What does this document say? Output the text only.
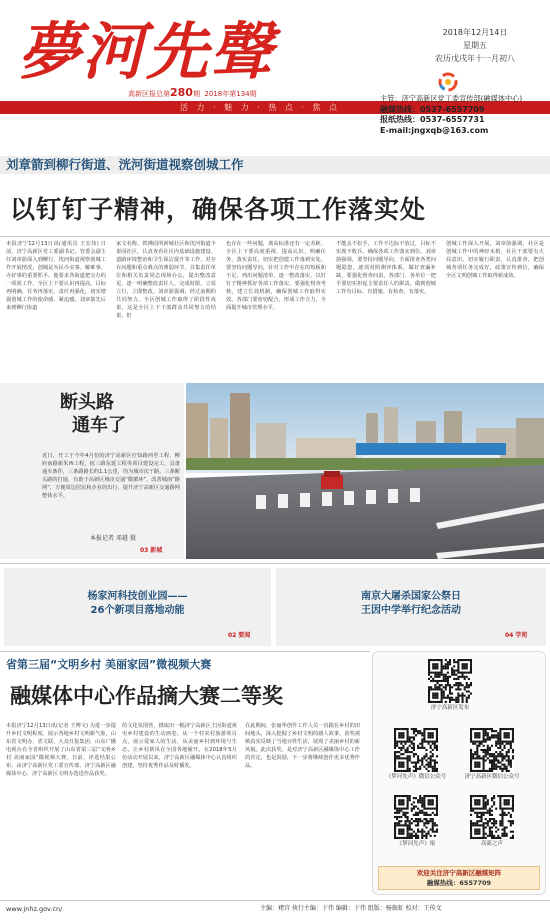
夢河先聲
高新区报总第280期 2018年第134期
活 力 · 魅 力 · 热 点 · 焦 点
2018年12月14日
星期五
农历戊戌年十一月初八
主管：济宁高新区党工委宣传部(融媒体中心)
融媒热线：0537-6557709
报纸热线：0537-6557731
E-mail:jngxqb@163.com
刘章箭到柳行街道、洸河街道视察创城工作
以钉钉子精神，确保各项工作落实处
本报济宁12月13日讯(通讯员 王宏伟) 日前，济宁高新区党工委副书记、管委会副主任刘章箭深入到柳行、洸河街道视察创城工作开展情况，创城是为民办实事、解难事，办好事的重要抓手。他要求各街道把交办的一项项工作，全区上下要认识再提高，目标再明确，任务再落实，责任再强化，切实增强创城工作的使命感、紧迫感。刘章箭先后来到柳行街道
家文名称，铁佛园所新城社区和洸河街道丰泰园社区，认真查看社区内基础设施建设、道路环境整治和卫生保洁提升等工作，对存在问题和重点难点的薄弱环节，召集责任单位和相关负责同志现场办公，提出整改意见，逐一明确整改责任人、完成时限，立说立行，立即整改。刘章箭强调，经过前期的共同努力，全区创城工作取得了阶段性成果，这是全区上下干部群众共同努力的结果，但
也存在一些问题，离高标准还有一定差距。全区上下要高度重视，提高认识，明确任务，落实责任，切实把创建工作落到实处。要坚持问题导向，针对工作中存在的短板和不足，列出问题清单，逐一整改落实，以钉钉子精神抓好各项工作落实。要强化督查考核，建立长效机制，确保创城工作取得实效。各部门要密切配合，形成工作合力，全面提升城市管理水平。
不能丢不松手，工作不达标不放过，目标不实现不收兵，确保各项工作落实到位。刘章箭强调，要坚持问题导向，全面排查各类问题隐患，逐项对照测评体系，做好查漏补缺，要强化督查问责，各部门、各单位一把手要切实担起主要责任人的职责，做到创城工作有目标、有措施、有检查、有落实。
创城工作深入开展。刘章箭强调，社区是创城工作中的神经末梢，社区干部要有大局意识，切实履行职责，认真排查，把创城各项任务完成好，政策宣传到位，确保全区文明创城工作取得新成效。
断头路
通车了
近日，开工于今年4月份的济宁高新区疗知路西至工程、柳府南路新朱西工程，抚三路东延工程等项目建设完工，具备通车条件，三条路路长约1.1公里，均为城市次干路，三条断头路的打通，有助于高新区城市交通“微循环”，改善城南“路网”，方便周边居民和企业的出行，提升济宁高新区交通路网整体水平。
本报记者 邓越 摄
03 新城
杨家河科技创业园——
26个新项目落地动能
02 要闻
南京大屠杀国家公祭日
王因中学举行纪念活动
04 学苑
省第三届“文明乡村 美丽家园”微视频大赛
融媒体中心作品摘大赛二等奖
本报济宁12月13日讯(记者 王博文) 为进一步提升乡村文明程度，展示各地乡村文明新气象，山东省文明办、省文联、大众日报集团、山东广播电视台在全省组织开展了山东省第三届“文明乡村 美丽家园”微视频大赛。日前，评选结果公布，由济宁高新区党工委宣传部、济宁高新区融媒体中心、济宁高新区文明办选送作品获奖。
的文化氛围营，摄取出一幅济宁高新区王因街道黄屯乡村建设的生动画卷。从一个村农村旅游项目点，展示爱家人的生活，从美丽乡村到环境与生态，让乡村新风在全国各地铺开。在2018年5月份活动开展以来，济宁高新区融媒体中心认真组织创建，坚持优秀作品及时播发。
在此期间，张丽华创作工作人员一直跟在乡村的田间地头，深入挖掘了乡村文明的感人故事，获奖视频真实反映了当地百姓生活，展现了美丽乡村的新风貌。此次获奖，是对济宁高新区融媒体中心工作的肯定，也是鼓励，下一步将继续创作更多优秀作品。
济宁高新区发布
《梦河先声》微信公众号	济宁高新区微信公众号
《梦河先声》报	高新之声
欢迎关注济宁高新区融媒矩阵
融媒热线：6557709
www.jnhz.gov.cn/	主编：褚宫 执行主编：于伟 编辑：于伟 组版：杨振虹 校对：王传文
